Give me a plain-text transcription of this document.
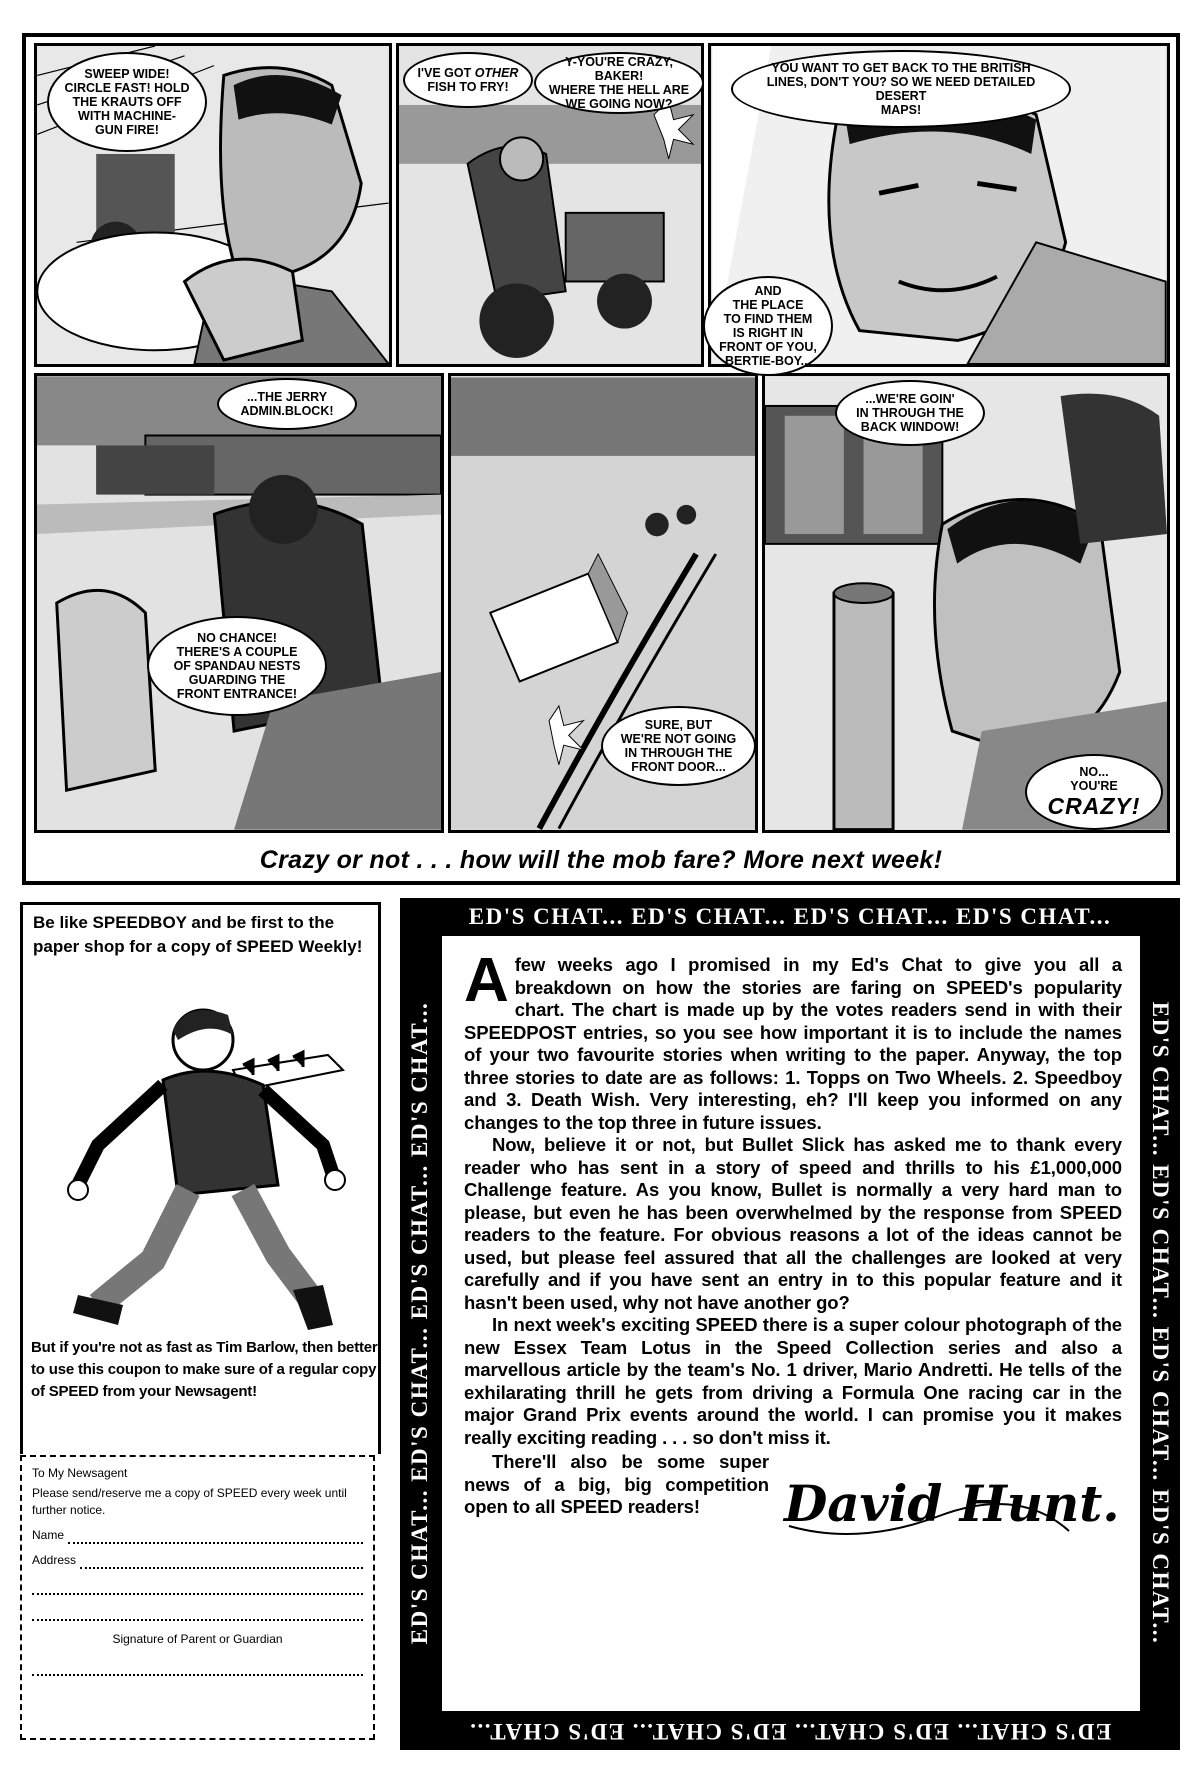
SWEEP WIDE!
CIRCLE FAST! HOLD
THE KRAUTS OFF
WITH MACHINE-
GUN FIRE!
I'VE GOT OTHER
FISH TO FRY!
Y-YOU'RE CRAZY, BAKER!
WHERE THE HELL ARE
WE GOING NOW?
YOU WANT TO GET BACK TO THE BRITISH
LINES, DON'T YOU? SO WE NEED DETAILED
DESERT
MAPS!
AND
THE PLACE
TO FIND THEM
IS RIGHT IN
FRONT OF YOU,
BERTIE-BOY...
...THE JERRY
ADMIN.BLOCK!
NO CHANCE!
THERE'S A COUPLE
OF SPANDAU NESTS
GUARDING THE
FRONT ENTRANCE!
SURE, BUT
WE'RE NOT GOING
IN THROUGH THE
FRONT DOOR...
...WE'RE GOIN'
IN THROUGH THE
BACK WINDOW!
NO...
YOU'RE
CRAZY!
Crazy or not . . . how will the mob fare? More next week!
Be like SPEEDBOY and be first to the paper shop for a copy of SPEED Weekly!
But if you're not as fast as Tim Barlow, then better to use this coupon to make sure of a regular copy of SPEED from your Newsagent!
To My Newsagent
Please send/reserve me a copy of SPEED every week until further notice.
Name
Address
Signature of Parent or Guardian
ED'S CHAT... ED'S CHAT... ED'S CHAT... ED'S CHAT...
ED'S CHAT... ED'S CHAT... ED'S CHAT... ED'S CHAT...	ED'S CHAT... ED'S CHAT... ED'S CHAT... ED'S CHAT...
ED'S CHAT... ED'S CHAT... ED'S CHAT... ED'S CHAT...

Afew weeks ago I promised in my Ed's Chat to give you all a breakdown on how the stories are faring on SPEED's popularity chart. The chart is made up by the votes readers send in with their SPEEDPOST entries, so you see how important it is to include the names of your two favourite stories when writing to the paper. Anyway, the top three stories to date are as follows: 1. Topps on Two Wheels. 2. Speedboy and 3. Death Wish. Very interesting, eh? I'll keep you informed on any changes to the top three in future issues.

Now, believe it or not, but Bullet Slick has asked me to thank every reader who has sent in a story of speed and thrills to his £1,000,000 Challenge feature. As you know, Bullet is normally a very hard man to please, but even he has been overwhelmed by the response from SPEED readers to the feature. For obvious reasons a lot of the ideas cannot be used, but please feel assured that all the challenges are looked at very carefully and if you have sent an entry in to this popular feature and it hasn't been used, why not have another go?

In next week's exciting SPEED there is a super colour photograph of the new Essex Team Lotus in the Speed Collection series and also a marvellous article by the team's No. 1 driver, Mario Andretti. He tells of the exhilarating thrill he gets from driving a Formula One racing car in the major Grand Prix events around the world. I can promise you it makes really exciting reading . . . so don't miss it.

There'll also be some super news of a big, big competition open to all SPEED readers!	David Hunt.
